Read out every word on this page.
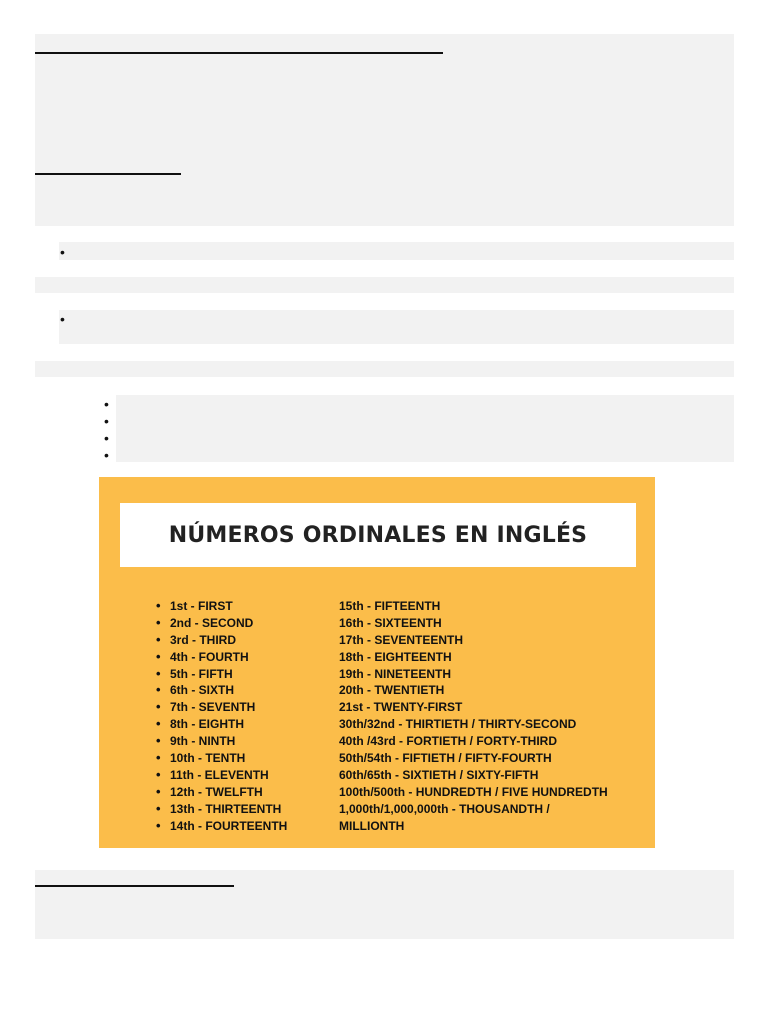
•
•
•
•
•
•
NÚMEROS ORDINALES EN INGLÉS
• 1st - FIRST
• 2nd - SECOND
• 3rd - THIRD
• 4th - FOURTH
• 5th - FIFTH
• 6th - SIXTH
• 7th - SEVENTH
• 8th - EIGHTH
• 9th - NINTH
• 10th - TENTH
• 11th - ELEVENTH
• 12th - TWELFTH
• 13th - THIRTEENTH
• 14th - FOURTEENTH
15th - FIFTEENTH
16th - SIXTEENTH
17th - SEVENTEENTH
18th - EIGHTEENTH
19th - NINETEENTH
20th - TWENTIETH
21st - TWENTY-FIRST
30th/32nd - THIRTIETH / THIRTY-SECOND
40th /43rd - FORTIETH / FORTY-THIRD
50th/54th - FIFTIETH / FIFTY-FOURTH
60th/65th - SIXTIETH / SIXTY-FIFTH
100th/500th - HUNDREDTH / FIVE HUNDREDTH
1,000th/1,000,000th - THOUSANDTH /
MILLIONTH
